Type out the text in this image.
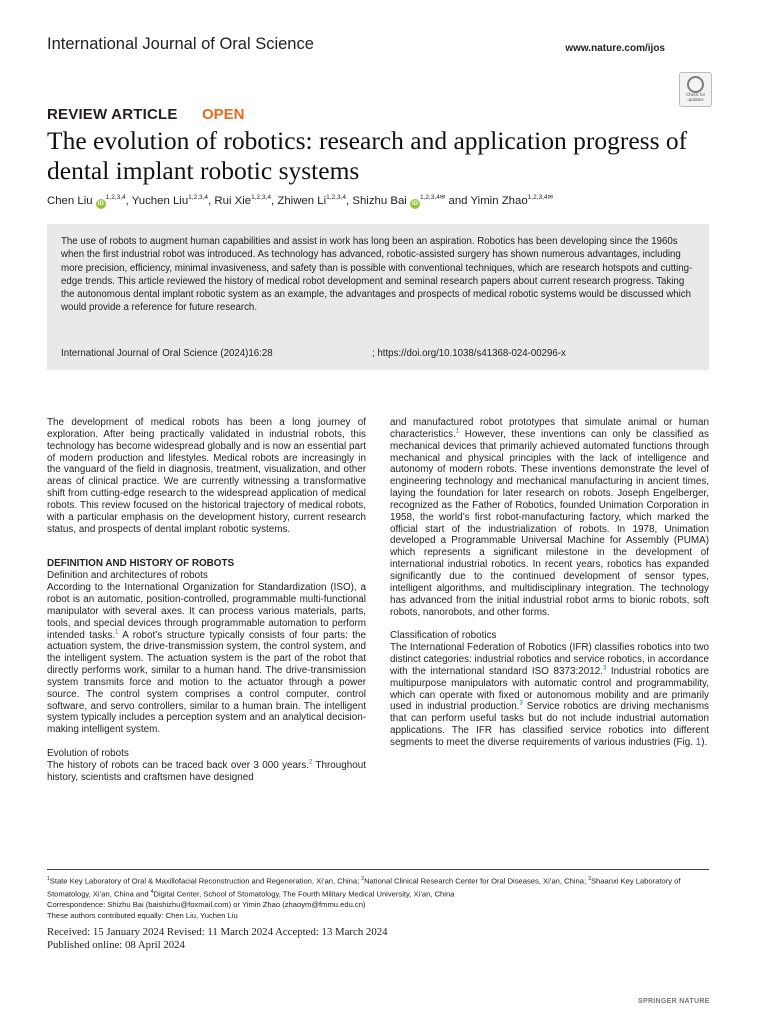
International Journal of Oral Science	www.nature.com/ijos
Check for updates
REVIEW ARTICLE OPEN
The evolution of robotics: research and application progress of dental implant robotic systems
Chen Liu iD$^{1,2,3,4}$, Yuchen Liu$^{1,2,3,4}$, Rui Xie$^{1,2,3,4}$, Zhiwen Li$^{1,2,3,4}$, Shizhu Bai $iD^{1,2,3,4✉}$ and Yimin Zhao$^{1,2,3,4✉}$
The use of robots to augment human capabilities and assist in work has long been an aspiration. Robotics has been developing since the 1960s when the first industrial robot was introduced. As technology has advanced, robotic-assisted surgery has shown numerous advantages, including more precision, efficiency, minimal invasiveness, and safety than is possible with conventional techniques, which are research hotspots and cutting-edge trends. This article reviewed the history of medical robot development and seminal research papers about current research progress. Taking the autonomous dental implant robotic system as an example, the advantages and prospects of medical robotic systems would be discussed which would provide a reference for future research.
International Journal of Oral Science (2024)16:28	; https://doi.org/10.1038/s41368-024-00296-x

The development of medical robots has been a long journey of exploration. After being practically validated in industrial robots, this technology has become widespread globally and is now an essential part of modern production and lifestyles. Medical robots are increasingly in the vanguard of the field in diagnosis, treatment, visualization, and other areas of clinical practice. We are currently witnessing a transformative shift from cutting-edge research to the widespread application of medical robots. This review focused on the historical trajectory of medical robots, with a particular emphasis on the development history, current research status, and prospects of dental implant robotic systems.

DEFINITION AND HISTORY OF ROBOTS

Definition and architectures of robots

According to the International Organization for Standardization (ISO), a robot is an automatic, position-controlled, programmable multi-functional manipulator with several axes. It can process various materials, parts, tools, and special devices through programmable automation to perform intended tasks.$^1$ A robot’s structure typically consists of four parts: the actuation system, the drive-transmission system, the control system, and the intelligent system. The actuation system is the part of the robot that directly performs work, similar to a human hand. The drive-transmission system transmits force and motion to the actuator through a power source. The control system comprises a control computer, control software, and servo controllers, similar to a human brain. The intelligent system typically includes a perception system and an analytical decision-making intelligent system.

Evolution of robots

The history of robots can be traced back over 3 000 years.$^2$ Throughout history, scientists and craftsmen have designed

and manufactured robot prototypes that simulate animal or human characteristics.$^1$ However, these inventions can only be classified as mechanical devices that primarily achieved automated functions through mechanical and physical principles with the lack of intelligence and autonomy of modern robots. These inventions demonstrate the level of engineering technology and mechanical manufacturing in ancient times, laying the foundation for later research on robots. Joseph Engelberger, recognized as the Father of Robotics, founded Unimation Corporation in 1958, the world’s first robot-manufacturing factory, which marked the official start of the industrialization of robots. In 1978, Unimation developed a Programmable Universal Machine for Assembly (PUMA) which represents a significant milestone in the development of international industrial robotics. In recent years, robotics has expanded significantly due to the continued development of sensor types, intelligent algorithms, and multidisciplinary integration. The technology has advanced from the initial industrial robot arms to bionic robots, soft robots, nanorobots, and other forms.

Classification of robotics

The International Federation of Robotics (IFR) classifies robotics into two distinct categories: industrial robotics and service robotics, in accordance with the international standard ISO 8373:2012.$^3$ Industrial robotics are multipurpose manipulators with automatic control and programmability, which can operate with fixed or autonomous mobility and are primarily used in industrial production.$^3$ Service robotics are driving mechanisms that can perform useful tasks but do not include industrial automation applications. The IFR has classified service robotics into different segments to meet the diverse requirements of various industries (Fig. 1).

$^1$State Key Laboratory of Oral & Maxillofacial Reconstruction and Regeneration, Xi’an, China; $^2$National Clinical Research Center for Oral Diseases, Xi’an, China; $^3$Shaanxi Key Laboratory of Stomatology, Xi’an, China and $^4$Digital Center, School of Stomatology, The Fourth Military Medical University, Xi’an, China
Correspondence: Shizhu Bai (baishizhu@foxmail.com) or Yimin Zhao (zhaoym@fmmu.edu.cn)
These authors contributed equally: Chen Liu, Yuchen Liu
Received: 15 January 2024 Revised: 11 March 2024 Accepted: 13 March 2024
Published online: 08 April 2024
SPRINGER NATURE
